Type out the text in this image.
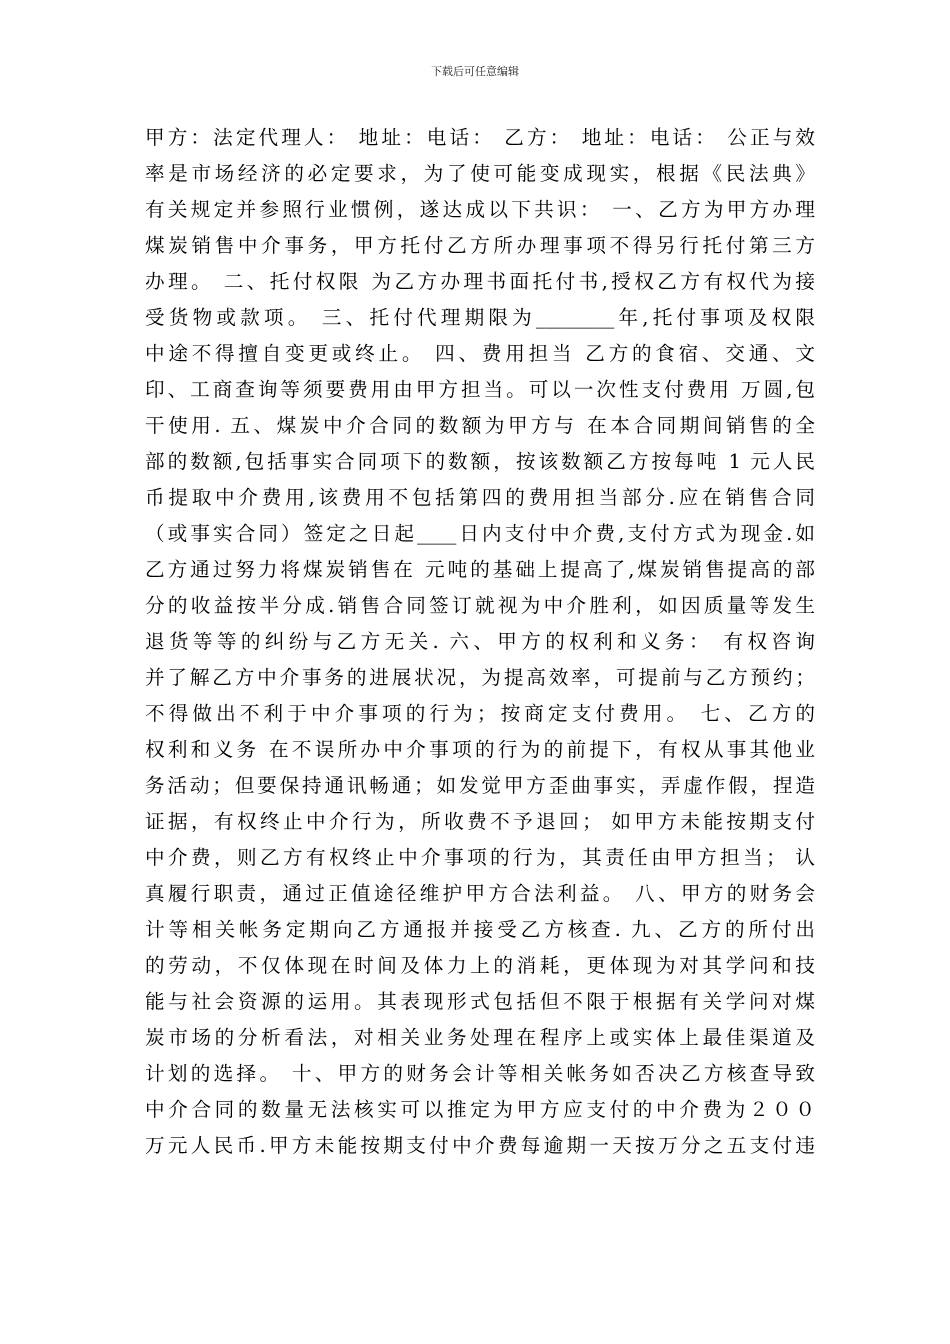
下载后可任意编辑
甲方：法定代理人： 地址：电话： 乙方： 地址：电话： 公正与效
率是市场经济的必定要求，为了使可能变成现实，根据《民法典》
有关规定并参照行业惯例，遂达成以下共识： 一、乙方为甲方办理
煤炭销售中介事务，甲方托付乙方所办理事项不得另行托付第三方
办理。 二、托付权限 为乙方办理书面托付书,授权乙方有权代为接
受货物或款项。 三、托付代理期限为________年,托付事项及权限
中途不得擅自变更或终止。 四、费用担当 乙方的食宿、交通、文
印、工商查询等须要费用由甲方担当。可以一次性支付费用 万圆,包
干使用. 五、煤炭中介合同的数额为甲方与 在本合同期间销售的全
部的数额,包括事实合同项下的数额，按该数额乙方按每吨 1 元人民
币提取中介费用,该费用不包括第四的费用担当部分.应在销售合同
（或事实合同）签定之日起____日内支付中介费,支付方式为现金.如
乙方通过努力将煤炭销售在 元吨的基础上提高了,煤炭销售提高的部
分的收益按半分成.销售合同签订就视为中介胜利，如因质量等发生
退货等等的纠纷与乙方无关. 六、甲方的权利和义务： 有权咨询
并了解乙方中介事务的进展状况，为提高效率，可提前与乙方预约；
不得做出不利于中介事项的行为；按商定支付费用。 七、乙方的
权利和义务 在不误所办中介事项的行为的前提下，有权从事其他业
务活动；但要保持通讯畅通；如发觉甲方歪曲事实，弄虚作假，捏造
证据，有权终止中介行为，所收费不予退回； 如甲方未能按期支付
中介费，则乙方有权终止中介事项的行为，其责任由甲方担当； 认
真履行职责，通过正值途径维护甲方合法利益。 八、甲方的财务会
计等相关帐务定期向乙方通报并接受乙方核查. 九、乙方的所付出
的劳动，不仅体现在时间及体力上的消耗，更体现为对其学问和技
能与社会资源的运用。其表现形式包括但不限于根据有关学问对煤
炭市场的分析看法，对相关业务处理在程序上或实体上最佳渠道及
计划的选择。 十、甲方的财务会计等相关帐务如否决乙方核查导致
中介合同的数量无法核实可以推定为甲方应支付的中介费为２００
万元人民币.甲方未能按期支付中介费每逾期一天按万分之五支付违
